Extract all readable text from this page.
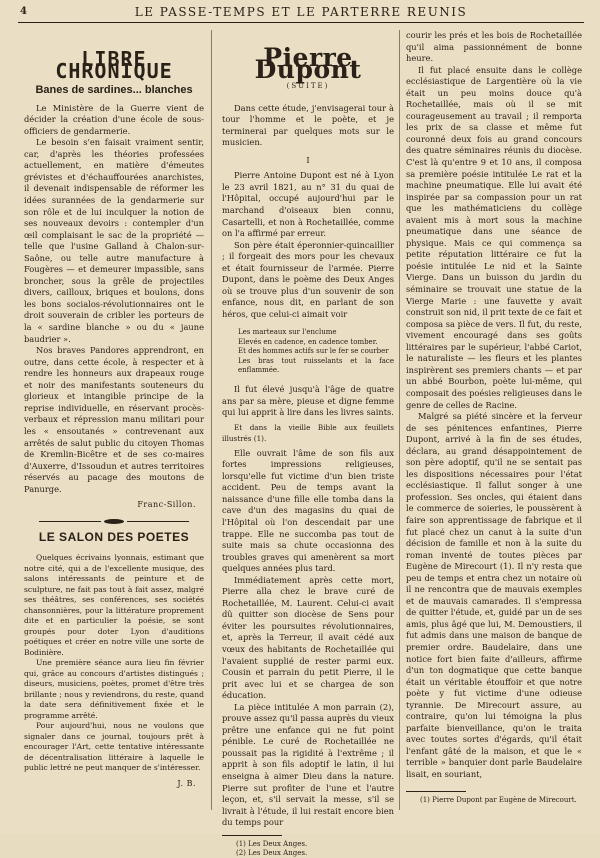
4	LE PASSE-TEMPS ET LE PARTERRE REUNIS
LIBRE CHRONIQUE
Banes de sardines... blanches

Le Ministère de la Guerre vient de décider la création d'une école de sous-officiers de gendarmerie.

Le besoin s'en faisait vraiment sentir, car, d'après les théories professées actuellement, en matière d'émeutes grévistes et d'échauffourées anarchistes, il devenait indispensable de réformer les idées surannées de la gendarmerie sur son rôle et de lui inculquer la notion de ses nouveaux devoirs : contempler d'un œil complaisant le sac de la propriété — telle que l'usine Galland à Chalon-sur-Saône, ou telle autre manufacture à Fougères — et demeurer impassible, sans broncher, sous la grêle de projectiles divers, cailloux, briques et boulons, dons les bons socialos-révolutionnaires ont le droit souverain de cribler les porteurs de la « sardine blanche » ou du « jaune baudrier ».

Nos braves Pandores apprendront, en outre, dans cette école, à respecter et à rendre les honneurs aux drapeaux rouge et noir des manifestants souteneurs du glorieux et intangible principe de la reprise individuelle, en réservant procès-verbaux et répression manu militari pour les « ensoutanés » contrevenant aux arrêtés de salut public du citoyen Thomas de Kremlin-Bicêtre et de ses co-maires d'Auxerre, d'Issoudun et autres territoires réservés au pacage des moutons de Panurge.

Franc-Sillon.
LE SALON DES POETES

Quelques écrivains lyonnais, estimant que notre cité, qui a de l'excellente musique, des salons intéressants de peinture et de sculpture, ne fait pas tout à fait assez, malgré ses théâtres, ses conférences, ses sociétés chansonnières, pour la littérature proprement dite et en particulier la poésie, se sont groupés pour doter Lyon d'auditions poétiques et créer en notre ville une sorte de Bodinière.

Une première séance aura lieu fin février qui, grâce au concours d'artistes distingués ; diseurs, musiciens, poètes, promet d'être très brillante ; nous y reviendrons, du reste, quand la date sera définitivement fixée et le programme arrêté.

Pour aujourd'hui, nous ne voulons que signaler dans ce journal, toujours prêt à encourager l'Art, cette tentative intéressante de décentralisation littéraire à laquelle le public lettré ne peut manquer de s'intéresser.

J. B.
Pierre Dupont
(SUITE)

Dans cette étude, j'envisagerai tour à tour l'homme et le poète, et je terminerai par quelques mots sur le musicien.

I

Pierre Antoine Dupont est né à Lyon le 23 avril 1821, au n° 31 du quai de l'Hôpital, occupé aujourd'hui par le marchand d'oiseaux bien connu, Casartelli, et non à Rochetaillée, comme on l'a affirmé par erreur.

Son père était éperonnier-quincaillier ; il forgeait des mors pour les chevaux et était fournisseur de l'armée. Pierre Dupont, dans le poème des Deux Anges où se trouve plus d'un souvenir de son enfance, nous dit, en parlant de son héros, que celui-ci aimait voir

Les marteaux sur l'enclume
Elevés en cadence, en cadence tomber.
Et des hommes actifs sur le fer se courber
Les bras tout ruisselants et la face enflammée.

Il fut élevé jusqu'à l'âge de quatre ans par sa mère, pieuse et digne femme qui lui apprit à lire dans les livres saints.

Et dans la vieille Bible aux feuillets illustrés (1).

Elle ouvrait l'âme de son fils aux fortes impressions religieuses, lorsqu'elle fut victime d'un bien triste accident. Peu de temps avant la naissance d'une fille elle tomba dans la cave d'un des magasins du quai de l'Hôpital où l'on descendait par une trappe. Elle ne succomba pas tout de suite mais sa chute occasionna des troubles graves qui amenèrent sa mort quelques années plus tard.

Immédiatement après cette mort, Pierre alla chez le brave curé de Rochetaillée, M. Laurent. Celui-ci avait dû quitter son diocèse de Sens pour éviter les poursuites révolutionnaires, et, après la Terreur, il avait cédé aux vœux des habitants de Rochetaillée qui l'avaient supplié de rester parmi eux. Cousin et parrain du petit Pierre, il le prit avec lui et se chargea de son éducation.

La pièce intitulée A mon parrain (2), prouve assez qu'il passa auprès du vieux prêtre une enfance qui ne fut point pénible. Le curé de Rochetaillée ne poussait pas la rigidité à l'extrême ; il apprit à son fils adoptif le latin, il lui enseigna à aimer Dieu dans la nature. Pierre sut profiter de l'une et l'autre leçon, et, s'il servait la messe, s'il se livrait à l'étude, il lui restait encore bien du temps pour

(1) Les Deux Anges.
(2) Les Deux Anges.

courir les prés et les bois de Rochetaillée qu'il aima passionnément de bonne heure.

Il fut placé ensuite dans le collège ecclésiastique de Largentière où la vie était un peu moins douce qu'à Rochetaillée, mais où il se mit courageusement au travail ; il remporta les prix de sa classe et même fut couronné deux fois au grand concours des quatre séminaires réunis du diocèse. C'est là qu'entre 9 et 10 ans, il composa sa première poésie intitulée Le rat et la machine pneumatique. Elle lui avait été inspirée par sa compassion pour un rat que les mathématiciens du collège avaient mis à mort sous la machine pneumatique dans une séance de physique. Mais ce qui commença sa petite réputation littéraire ce fut la poésie intitulée Le nid et la Sainte Vierge. Dans un buisson du jardin du séminaire se trouvait une statue de la Vierge Marie : une fauvette y avait construit son nid, il prit texte de ce fait et composa sa pièce de vers. Il fut, du reste, vivement encouragé dans ses goûts littéraires par le supérieur, l'abbé Cariot, le naturaliste — les fleurs et les plantes inspirèrent ses premiers chants — et par un abbé Bourbon, poète lui-même, qui composait des poésies religieuses dans le genre de celles de Racine.

Malgré sa piété sincère et la ferveur de ses pénitences enfantines, Pierre Dupont, arrivé à la fin de ses études, déclara, au grand désappointement de son père adoptif, qu'il ne se sentait pas les dispositions nécessaires pour l'état ecclésiastique. Il fallut songer à une profession. Ses oncles, qui étaient dans le commerce de soieries, le poussèrent à faire son apprentissage de fabrique et il fut placé chez un canut à la suite d'un décision de famille et non à la suite du roman inventé de toutes pièces par Eugène de Mirecourt (1). Il n'y resta que peu de temps et entra chez un notaire où il ne rencontra que de mauvais exemples et de mauvais camarades. Il s'empressa de quitter l'étude, et, guidé par un de ses amis, plus âgé que lui, M. Demoustiers, il fut admis dans une maison de banque de premier ordre. Baudelaire, dans une notice fort bien faite d'ailleurs, affirme d'un ton dogmatique que cette banque était un véritable étouffoir et que notre poète y fut victime d'une odieuse tyrannie. De Mirecourt assure, au contraire, qu'on lui témoigna la plus parfaite bienveillance, qu'on le traita avec toutes sortes d'égards, qu'il était l'enfant gâté de la maison, et que le « terrible » banquier dont parle Baudelaire lisait, en souriant,

(1) Pierre Dupont par Eugène de Mirecourt.
